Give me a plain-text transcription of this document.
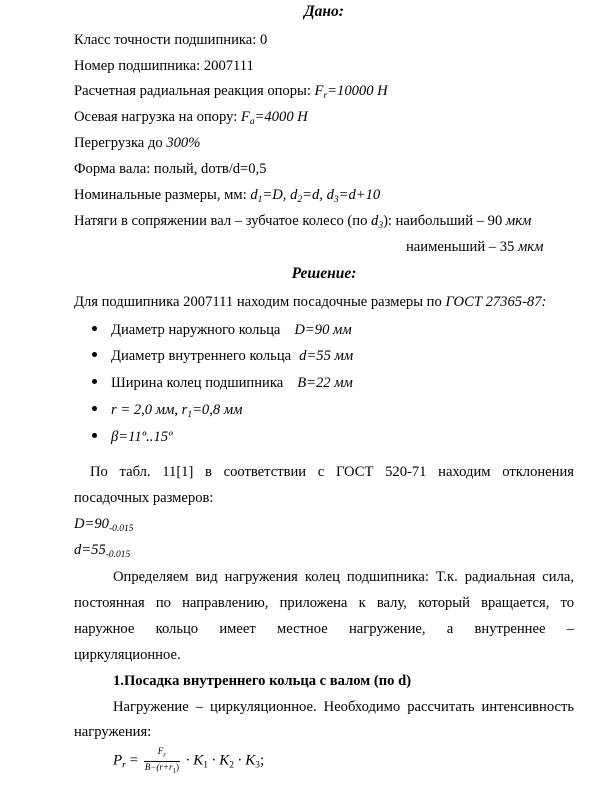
Дано:
Класс точности подшипника: 0
Номер подшипника: 2007111
Расчетная радиальная реакция опоры: $F_r=10000$ Н
Осевая нагрузка на опору: $F_a=4000$ Н
Перегрузка до 300%
Форма вала: полый, dотв/d=0,5
Номинальные размеры, мм: $d_1=D$, $d_2=d$, $d_3=d+10$
Натяги в сопряжении вал – зубчатое колесо (по $d_3$): наибольший – 90 мкм
наименьший – 35 мкм
Решение:
Для подшипника 2007111 находим посадочные размеры по ГОСТ 27365-87:
Диаметр наружного кольца D=90 мм
Диаметр внутреннего кольца d=55 мм
Ширина колец подшипника B=22 мм
r = 2,0 мм, $r_1=0,8$ мм
β=11º..15º
По табл. 11[1] в соответствии с ГОСТ 520-71 находим отклонения
посадочных размеров:
$D=90_{-0.015}$
$d=55_{-0.015}$
Определяем вид нагружения колец подшипника: Т.к. радиальная сила,
постоянная по направлению, приложена к валу, который вращается, то
наружное кольцо имеет местное нагружение, а внутреннее –
циркуляционное.
1.Посадка внутреннего кольца с валом (по d)
Нагружение – циркуляционное. Необходимо рассчитать интенсивность
нагружения:
$P_r = \frac{F_r}{B-(r+r_1)} \cdot K_1 \cdot K_2 \cdot K_3$;
